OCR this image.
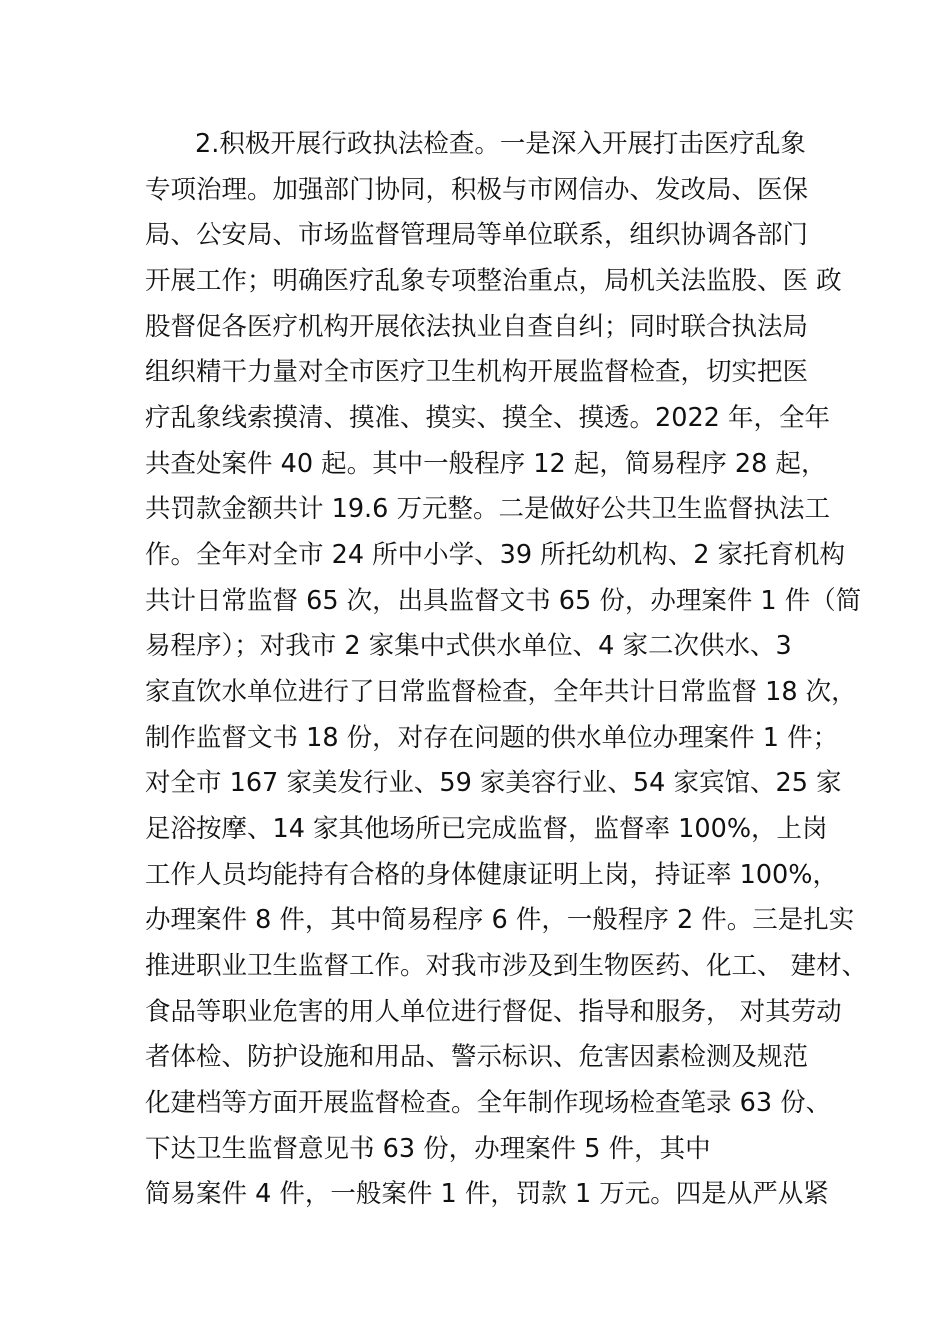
2.积极开展行政执法检查。一是深入开展打击医疗乱象
专项治理。加强部门协同，积极与市网信办、发改局、医保
局、公安局、市场监督管理局等单位联系，组织协调各部门
开展工作；明确医疗乱象专项整治重点，局机关法监股、医 政
股督促各医疗机构开展依法执业自查自纠；同时联合执法局
组织精干力量对全市医疗卫生机构开展监督检查，切实把医
疗乱象线索摸清、摸准、摸实、摸全、摸透。2022 年，全年
共查处案件 40 起。其中一般程序 12 起，简易程序 28 起，
共罚款金额共计 19.6 万元整。二是做好公共卫生监督执法工
作。全年对全市 24 所中小学、39 所托幼机构、2 家托育机构
共计日常监督 65 次，出具监督文书 65 份，办理案件 1 件（简
易程序）；对我市 2 家集中式供水单位、4 家二次供水、3
家直饮水单位进行了日常监督检查，全年共计日常监督 18 次，
制作监督文书 18 份，对存在问题的供水单位办理案件 1 件；
对全市 167 家美发行业、59 家美容行业、54 家宾馆、25 家
足浴按摩、14 家其他场所已完成监督，监督率 100%，上岗
工作人员均能持有合格的身体健康证明上岗，持证率 100%，
办理案件 8 件，其中简易程序 6 件，一般程序 2 件。三是扎实
推进职业卫生监督工作。对我市涉及到生物医药、化工、 建材、
食品等职业危害的用人单位进行督促、指导和服务， 对其劳动
者体检、防护设施和用品、警示标识、危害因素检测及规范
化建档等方面开展监督检查。全年制作现场检查笔录 63 份、
下达卫生监督意见书 63 份，办理案件 5 件，其中
简易案件 4 件，一般案件 1 件，罚款 1 万元。四是从严从紧
